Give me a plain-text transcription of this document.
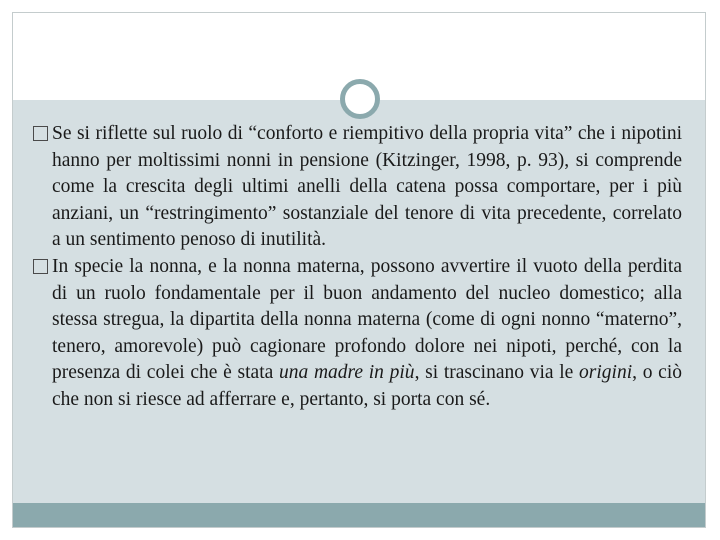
Se si riflette sul ruolo di “conforto e riempitivo della propria vita” che i nipotini hanno per moltissimi nonni in pensione (Kitzinger, 1998, p. 93), si comprende come la crescita degli ultimi anelli della catena possa comportare, per i più anziani, un “restringimento” sostanziale del tenore di vita precedente, correlato a un sentimento penoso di inutilità.

In specie la nonna, e la nonna materna, possono avvertire il vuoto della perdita di un ruolo fondamentale per il buon andamento del nucleo domestico; alla stessa stregua, la dipartita della nonna materna (come di ogni nonno “materno”, tenero, amorevole) può cagionare profondo dolore nei nipoti, perché, con la presenza di colei che è stata una madre in più, si trascinano via le origini, o ciò che non si riesce ad afferrare e, pertanto, si porta con sé.
